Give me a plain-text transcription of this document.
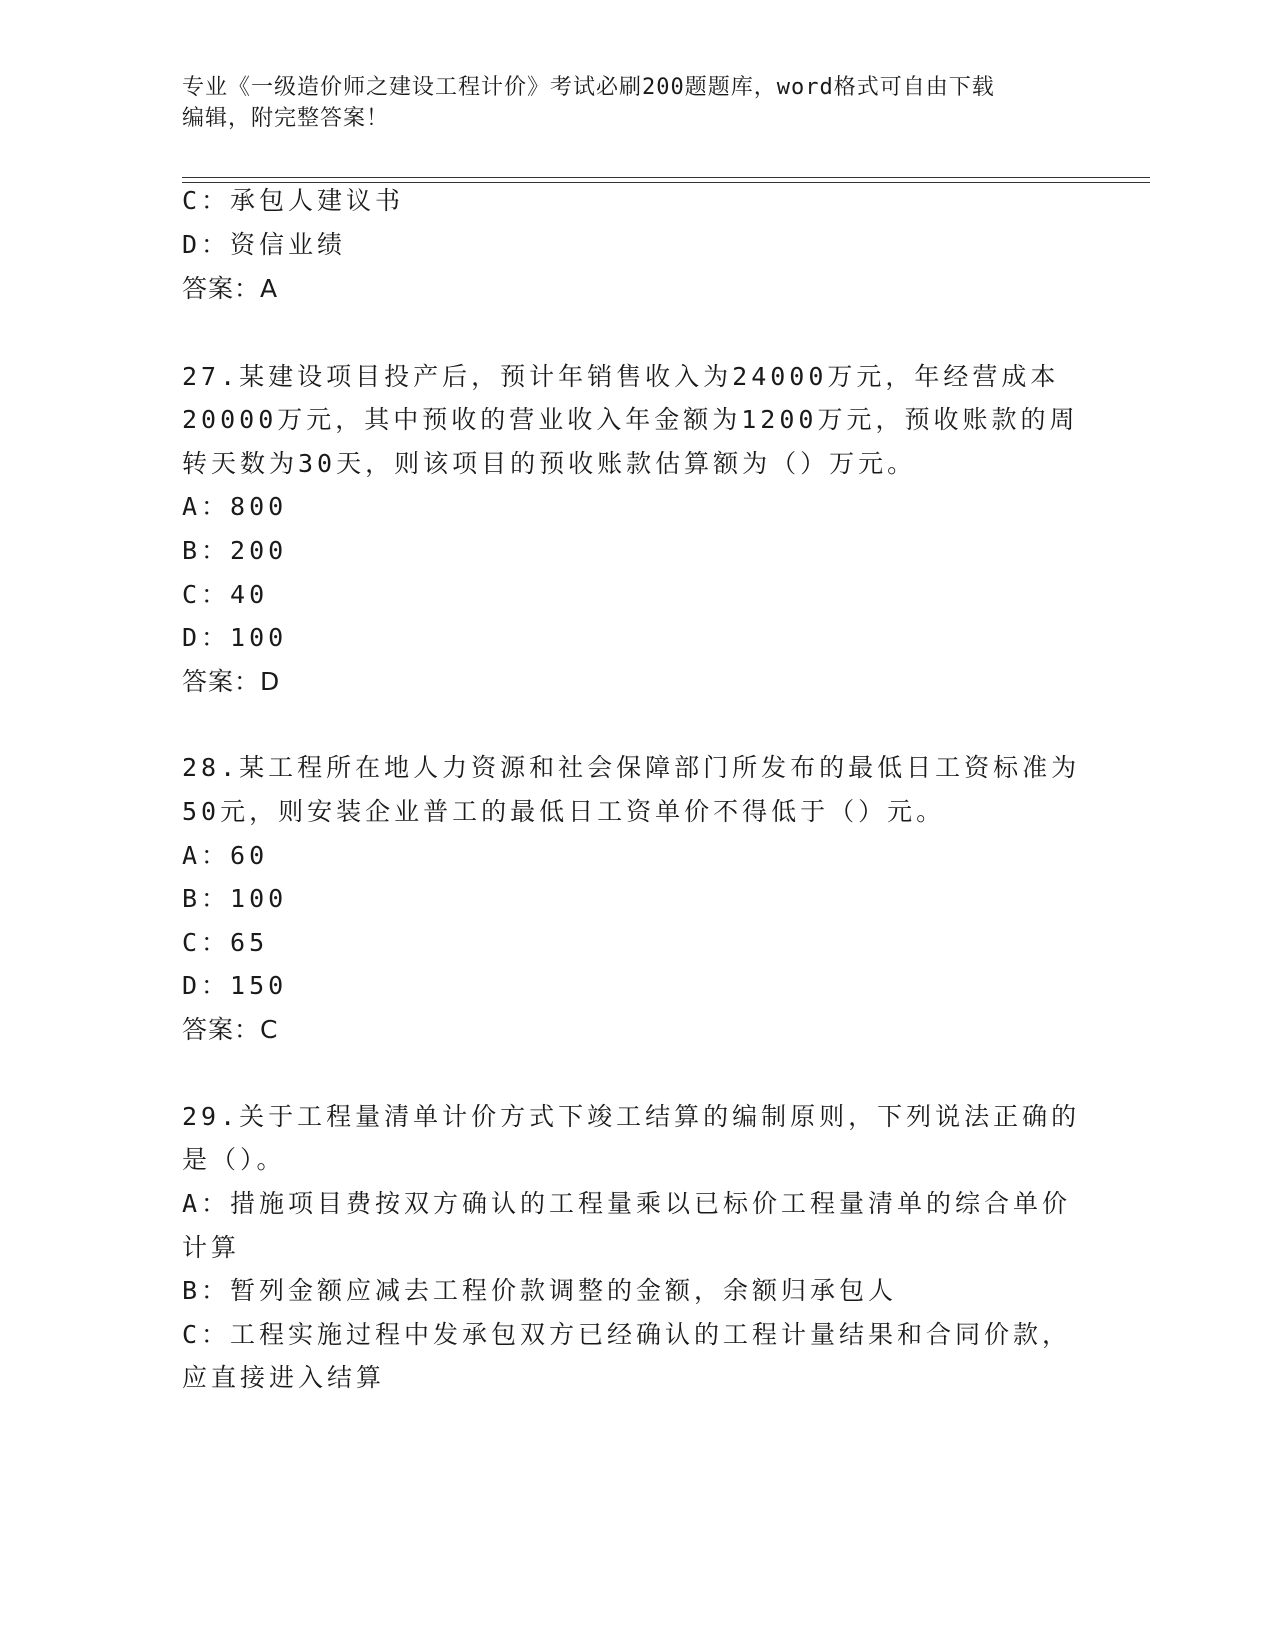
专业《一级造价师之建设工程计价》考试必刷200题题库，word格式可自由下载
编辑，附完整答案！
C：承包人建议书
D：资信业绩
答案：A
27.某建设项目投产后，预计年销售收入为24000万元，年经营成本
20000万元，其中预收的营业收入年金额为1200万元，预收账款的周
转天数为30天，则该项目的预收账款估算额为（）万元。
A：800
B：200
C：40
D：100
答案：D
28.某工程所在地人力资源和社会保障部门所发布的最低日工资标准为
50元，则安装企业普工的最低日工资单价不得低于（）元。
A：60
B：100
C：65
D：150
答案：C
29.关于工程量清单计价方式下竣工结算的编制原则，下列说法正确的
是（）。
A：措施项目费按双方确认的工程量乘以已标价工程量清单的综合单价
计算
B：暂列金额应减去工程价款调整的金额，余额归承包人
C：工程实施过程中发承包双方已经确认的工程计量结果和合同价款，
应直接进入结算
